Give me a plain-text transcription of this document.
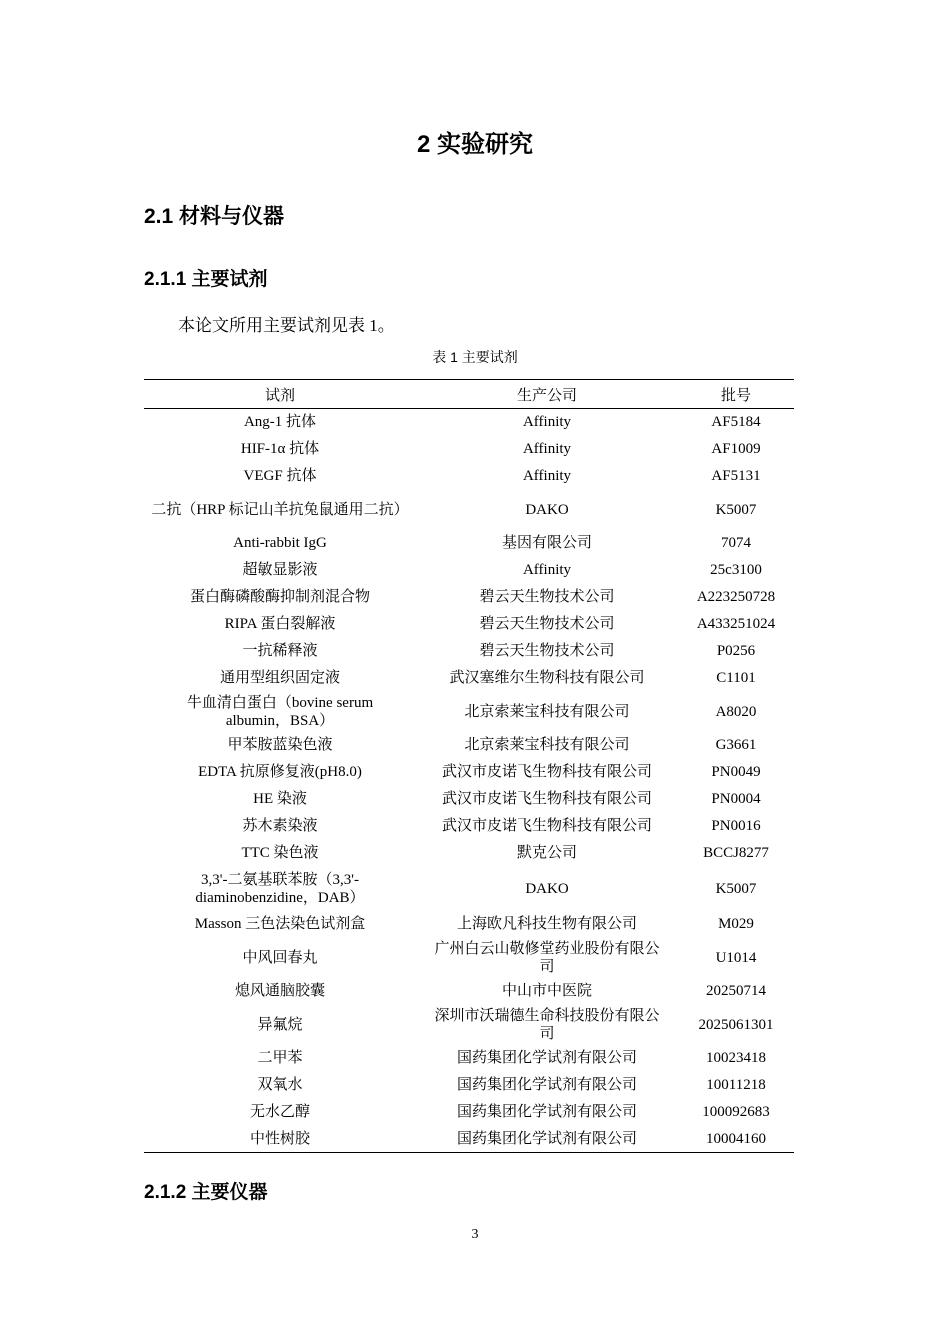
2 实验研究
2.1 材料与仪器
2.1.1 主要试剂

本论文所用主要试剂见表 1。

表 1 主要试剂

试剂	生产公司	批号
Ang-1 抗体	Affinity	AF5184
HIF-1α 抗体	Affinity	AF1009
VEGF 抗体	Affinity	AF5131
二抗（HRP 标记山羊抗兔鼠通用二抗）	DAKO	K5007
Anti-rabbit IgG	基因有限公司	7074
超敏显影液	Affinity	25c3100
蛋白酶磷酸酶抑制剂混合物	碧云天生物技术公司	A223250728
RIPA 蛋白裂解液	碧云天生物技术公司	A433251024
一抗稀释液	碧云天生物技术公司	P0256
通用型组织固定液	武汉塞维尔生物科技有限公司	C1101
牛血清白蛋白（bovine serum albumin，BSA）	北京索莱宝科技有限公司	A8020
甲苯胺蓝染色液	北京索莱宝科技有限公司	G3661
EDTA 抗原修复液(pH8.0)	武汉市皮诺飞生物科技有限公司	PN0049
HE 染液	武汉市皮诺飞生物科技有限公司	PN0004
苏木素染液	武汉市皮诺飞生物科技有限公司	PN0016
TTC 染色液	默克公司	BCCJ8277
3,3'-二氨基联苯胺（3,3'-diaminobenzidine，DAB）	DAKO	K5007
Masson 三色法染色试剂盒	上海欧凡科技生物有限公司	M029
中风回春丸	广州白云山敬修堂药业股份有限公司	U1014
熄风通脑胶囊	中山市中医院	20250714
异氟烷	深圳市沃瑞德生命科技股份有限公司	2025061301
二甲苯	国药集团化学试剂有限公司	10023418
双氧水	国药集团化学试剂有限公司	10011218
无水乙醇	国药集团化学试剂有限公司	100092683
中性树胶	国药集团化学试剂有限公司	10004160
2.1.2 主要仪器

3
